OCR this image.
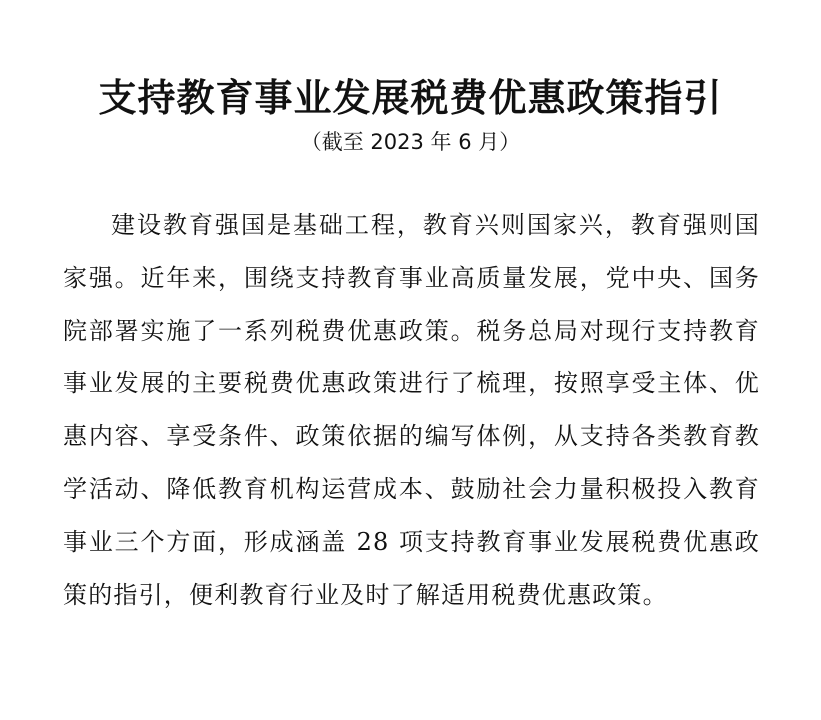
支持教育事业发展税费优惠政策指引
（截至 2023 年 6 月）

建设教育强国是基础工程，教育兴则国家兴，教育强则国家强。近年来，围绕支持教育事业高质量发展，党中央、国务院部署实施了一系列税费优惠政策。税务总局对现行支持教育事业发展的主要税费优惠政策进行了梳理，按照享受主体、优惠内容、享受条件、政策依据的编写体例，从支持各类教育教学活动、降低教育机构运营成本、鼓励社会力量积极投入教育事业三个方面，形成涵盖 28 项支持教育事业发展税费优惠政策的指引，便利教育行业及时了解适用税费优惠政策。
